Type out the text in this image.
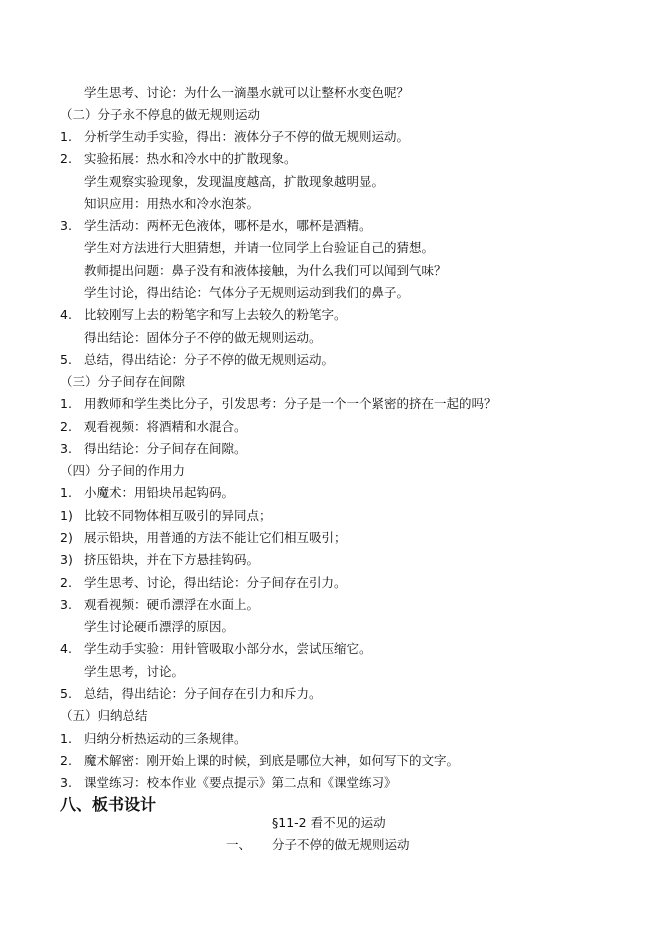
学生思考、讨论：为什么一滴墨水就可以让整杯水变色呢？
（二）分子永不停息的做无规则运动
1. 分析学生动手实验，得出：液体分子不停的做无规则运动。
2. 实验拓展：热水和冷水中的扩散现象。
学生观察实验现象，发现温度越高，扩散现象越明显。
知识应用：用热水和冷水泡茶。
3. 学生活动：两杯无色液体，哪杯是水，哪杯是酒精。
学生对方法进行大胆猜想，并请一位同学上台验证自己的猜想。
教师提出问题：鼻子没有和液体接触，为什么我们可以闻到气味？
学生讨论，得出结论：气体分子无规则运动到我们的鼻子。
4. 比较刚写上去的粉笔字和写上去较久的粉笔字。
得出结论：固体分子不停的做无规则运动。
5. 总结，得出结论：分子不停的做无规则运动。
（三）分子间存在间隙
1. 用教师和学生类比分子，引发思考：分子是一个一个紧密的挤在一起的吗？
2. 观看视频：将酒精和水混合。
3. 得出结论：分子间存在间隙。
（四）分子间的作用力
1. 小魔术：用铅块吊起钩码。
1) 比较不同物体相互吸引的异同点；
2) 展示铅块，用普通的方法不能让它们相互吸引；
3) 挤压铅块，并在下方悬挂钩码。
2. 学生思考、讨论，得出结论：分子间存在引力。
3. 观看视频：硬币漂浮在水面上。
学生讨论硬币漂浮的原因。
4. 学生动手实验：用针管吸取小部分水，尝试压缩它。
学生思考，讨论。
5. 总结，得出结论：分子间存在引力和斥力。
（五）归纳总结
1. 归纳分析热运动的三条规律。
2. 魔术解密：刚开始上课的时候，到底是哪位大神，如何写下的文字。
3. 课堂练习：校本作业《要点提示》第二点和《课堂练习》
八、板书设计
§11-2 看不见的运动
一、 分子不停的做无规则运动
